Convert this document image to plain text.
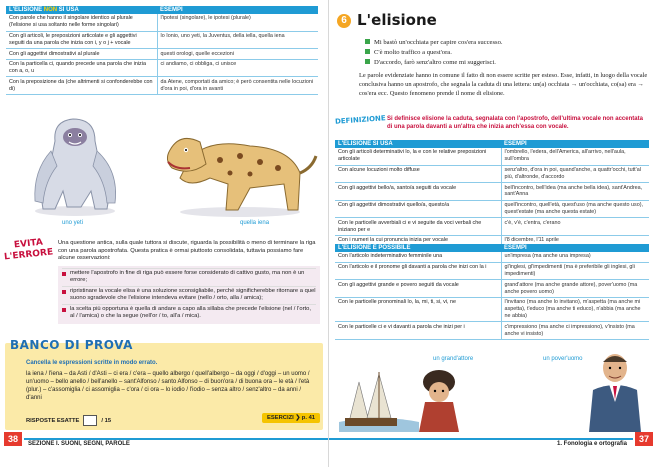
L'ELISIONE NON SI USA	ESEMPI
Con parole che hanno il singolare identico al plurale (l'elisione si usa soltanto nelle forme singolari)	l'ipotesi (singolare), le ipotesi (plurale)
Con gli articoli, le preposizioni articolate e gli aggettivi seguiti da una parola che inizia con i, y o j + vocale	lo Ionio, uno yeti, la Juventus, della iella, quella iena
Con gli aggettivi dimostrativi al plurale	questi orologi, quelle eccezioni
Con la particella ci, quando precede una parola che inizia con a, o, u	ci andiamo, ci obbliga, ci unisce
Con la preposizione da (che altrimenti si confonderebbe con di)	da Atene, comportati da amico; è però consentita nelle locuzioni d'ora in poi, d'ora in avanti
uno yeti	quella iena
EVITA
L'ERRORE
Una questione antica, sulla quale tuttora si discute, riguarda la possibilità o meno di terminare la riga con una parola apostrofata. Questa pratica è ormai piuttosto consolidata, tuttavia possiamo fare alcune osservazioni:
mettere l'apostrofo in fine di riga può essere forse considerato di cattivo gusto, ma non è un errore;
ripristinare la vocale elisa è una soluzione sconsigliabile, perché significherebbe ritornare a quel suono sgradevole che l'elisione intendeva evitare (nello / orto, alla / amica);
la scelta più opportuna è quella di andare a capo alla sillaba che precede l'elisione (nel / l'orto, al / l'amica) o che la segue (nell'or / to, all'a / mica).
BANCO DI PROVA
Cancella le espressioni scritte in modo errato.
la iena / l'iena – da Asti / d'Asti – ci era / c'era – quello albergo / quell'albergo – da oggi / d'oggi – un uomo / un'uomo – bello anello / bell'anello – sant'Alfonso / santo Alfonso – di buon'ora / di buona ora – le età / l'età (plur.) – c'assomiglia / ci assomiglia – c'ora / ci ora – lo iodio / l'iodio – senza altro / senz'altro – da anni / d'anni
RISPOSTE ESATTE	/ 15	ESERCIZI ❯ p. 41
38	SEZIONE I. SUONI, SEGNI, PAROLE
6 L'elisione
Mi bastò un'occhiata per capire cos'era successo.
C'è molto traffico a quest'ora.
D'accordo, farò senz'altro come mi suggerisci.
Le parole evidenziate hanno in comune il fatto di non essere scritte per esteso. Esse, infatti, in luogo della vocale conclusiva hanno un apostrofo, che segnala la caduta di una lettera: un(a) occhiata → un'occhiata, co(sa) era → cos'era ecc. Questo fenomeno prende il nome di elisione.
DEFINIZIONE Si definisce elisione la caduta, segnalata con l'apostrofo, dell'ultima vocale non accentata di una parola davanti a un'altra che inizia anch'essa con vocale.
L'ELISIONE SI USA	ESEMPI
Con gli articoli determinativi lo, la e con le relative preposizioni articolate	l'ombrello, l'edera, dell'America, all'arrivo, nell'aula, sull'ombra
Con alcune locuzioni molto diffuse	senz'altro, d'ora in poi, quand'anche, a quattr'occhi, tutt'al più, d'altronde, d'accordo
Con gli aggettivi bello/a, santo/a seguiti da vocale	bell'incontro, bell'idea (ma anche bella idea), sant'Andrea, sant'Anna
Con gli aggettivi dimostrativi quello/a, questo/a	quell'incontro, quell'età, quest'uso (ma anche questo uso), quest'estate (ma anche questa estate)
Con le particelle avverbiali ci e vi seguite da voci verbali che iniziano per e	c'è, v'è, c'entra, c'erano
Con i numeri la cui pronuncia inizia per vocale	l'8 dicembre, l'11 aprile
L'ELISIONE È POSSIBILE	ESEMPI
Con l'articolo indeterminativo femminile una	un'impresa (ma anche una impresa)
Con l'articolo e il pronome gli davanti a parola che inizi con la i	gl'inglesi, gl'impedimenti (ma è preferibile gli inglesi, gli impedimenti)
Con gli aggettivi grande e povero seguiti da vocale	grand'attore (ma anche grande attore), pover'uomo (ma anche povero uomo)
Con le particelle pronominali lo, la, mi, ti, si, vi, ne	l'invitano (ma anche lo invitano), m'aspetta (ma anche mi aspetta), t'educo (ma anche ti educo), n'abbia (ma anche ne abbia)
Con le particelle ci e vi davanti a parola che inizi per i	c'impressiono (ma anche ci impressiono), v'insisto (ma anche vi insisto)
un grand'attore	un pover'uomo
1. Fonologia e ortografia	37
